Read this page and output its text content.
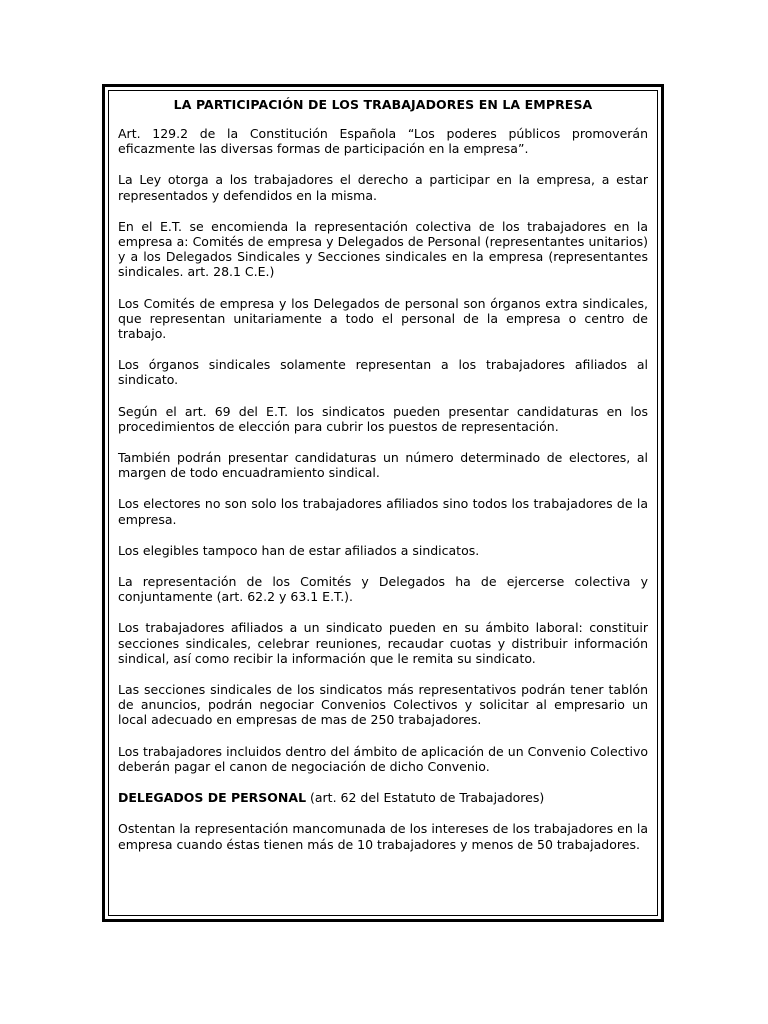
LA PARTICIPACIÓN DE LOS TRABAJADORES EN LA EMPRESA

Art. 129.2 de la Constitución Española “Los poderes públicos promoverán eficazmente las diversas formas de participación en la empresa”.

La Ley otorga a los trabajadores el derecho a participar en la empresa, a estar representados y defendidos en la misma.

En el E.T. se encomienda la representación colectiva de los trabajadores en la empresa a: Comités de empresa y Delegados de Personal (representantes unitarios) y a los Delegados Sindicales y Secciones sindicales en la empresa (representantes sindicales. art. 28.1 C.E.)

Los Comités de empresa y los Delegados de personal son órganos extra sindicales, que representan unitariamente a todo el personal de la empresa o centro de trabajo.

Los órganos sindicales solamente representan a los trabajadores afiliados al sindicato.

Según el art. 69 del E.T. los sindicatos pueden presentar candidaturas en los procedimientos de elección para cubrir los puestos de representación.

También podrán presentar candidaturas un número determinado de electores, al margen de todo encuadramiento sindical.

Los electores no son solo los trabajadores afiliados sino todos los trabajadores de la empresa.

Los elegibles tampoco han de estar afiliados a sindicatos.

La representación de los Comités y Delegados ha de ejercerse colectiva y conjuntamente (art. 62.2 y 63.1 E.T.).

Los trabajadores afiliados a un sindicato pueden en su ámbito laboral: constituir secciones sindicales, celebrar reuniones, recaudar cuotas y distribuir información sindical, así como recibir la información que le remita su sindicato.

Las secciones sindicales de los sindicatos más representativos podrán tener tablón de anuncios, podrán negociar Convenios Colectivos y solicitar al empresario un local adecuado en empresas de mas de 250 trabajadores.

Los trabajadores incluidos dentro del ámbito de aplicación de un Convenio Colectivo deberán pagar el canon de negociación de dicho Convenio.

DELEGADOS DE PERSONAL (art. 62 del Estatuto de Trabajadores)

Ostentan la representación mancomunada de los intereses de los trabajadores en la empresa cuando éstas tienen más de 10 trabajadores y menos de 50 trabajadores.
